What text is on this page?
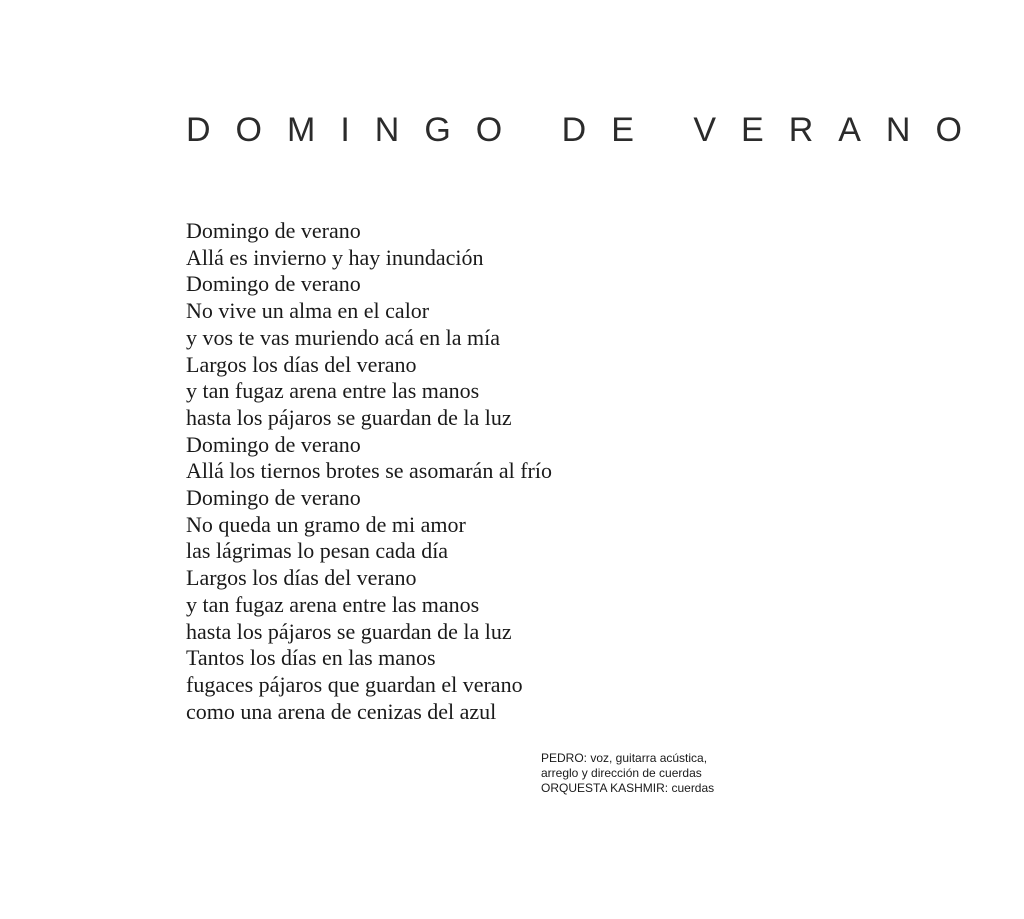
DOMINGO DE VERANO
Domingo de verano
Allá es invierno y hay inundación
Domingo de verano
No vive un alma en el calor
y vos te vas muriendo acá en la mía
Largos los días del verano
y tan fugaz arena entre las manos
hasta los pájaros se guardan de la luz
Domingo de verano
Allá los tiernos brotes se asomarán al frío
Domingo de verano
No queda un gramo de mi amor
las lágrimas lo pesan cada día
Largos los días del verano
y tan fugaz arena entre las manos
hasta los pájaros se guardan de la luz
Tantos los días en las manos
fugaces pájaros que guardan el verano
como una arena de cenizas del azul
PEDRO: voz, guitarra acústica,
arreglo y dirección de cuerdas
ORQUESTA KASHMIR: cuerdas
